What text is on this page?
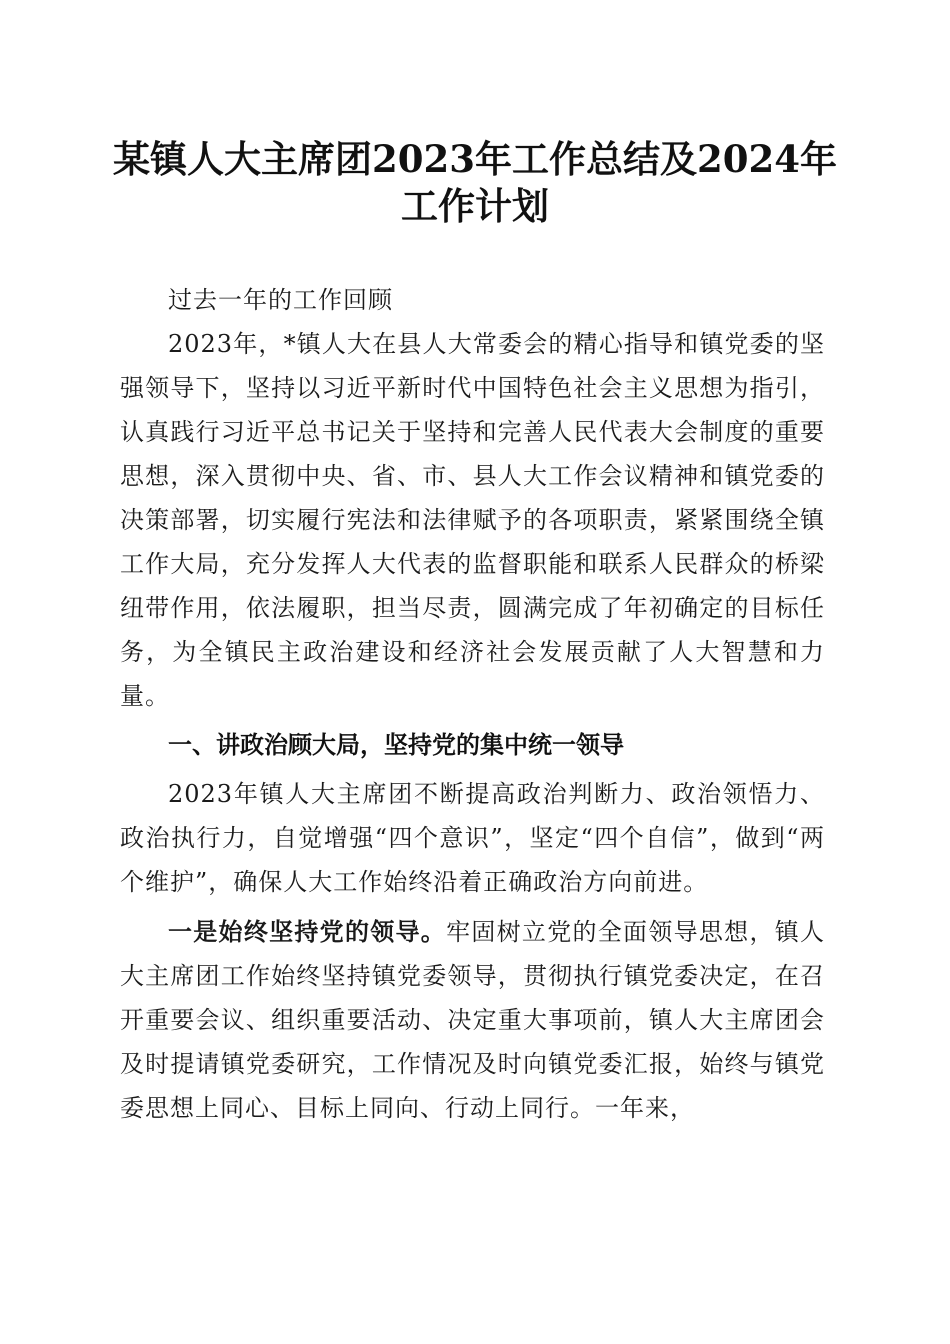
某镇人大主席团2023年工作总结及2024年工作计划

过去一年的工作回顾

2023年，*镇人大在县人大常委会的精心指导和镇党委的坚强领导下，坚持以习近平新时代中国特色社会主义思想为指引，认真践行习近平总书记关于坚持和完善人民代表大会制度的重要思想，深入贯彻中央、省、市、县人大工作会议精神和镇党委的决策部署，切实履行宪法和法律赋予的各项职责，紧紧围绕全镇工作大局，充分发挥人大代表的监督职能和联系人民群众的桥梁纽带作用，依法履职，担当尽责，圆满完成了年初确定的目标任务，为全镇民主政治建设和经济社会发展贡献了人大智慧和力量。

一、讲政治顾大局，坚持党的集中统一领导

2023年镇人大主席团不断提高政治判断力、政治领悟力、政治执行力，自觉增强“四个意识”，坚定“四个自信”，做到“两个维护”，确保人大工作始终沿着正确政治方向前进。

一是始终坚持党的领导。牢固树立党的全面领导思想，镇人大主席团工作始终坚持镇党委领导，贯彻执行镇党委决定，在召开重要会议、组织重要活动、决定重大事项前，镇人大主席团会及时提请镇党委研究，工作情况及时向镇党委汇报，始终与镇党委思想上同心、目标上同向、行动上同行。一年来，
